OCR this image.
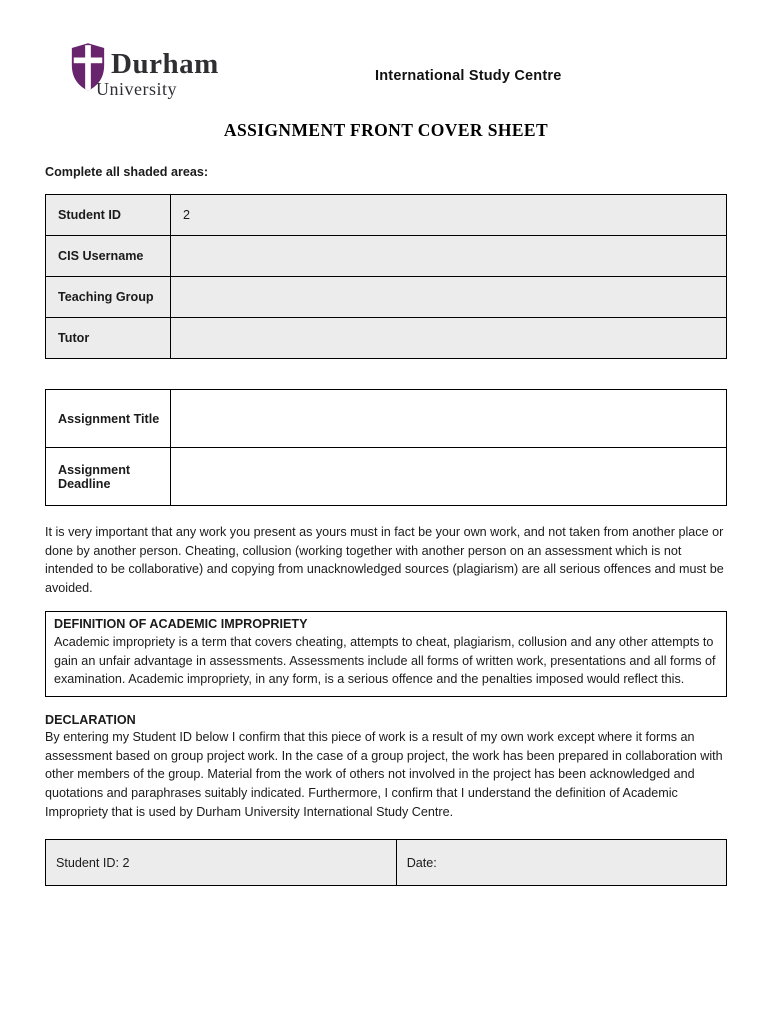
Durham
University
International Study Centre
ASSIGNMENT FRONT COVER SHEET
Complete all shaded areas:
Student ID	2
CIS Username	
Teaching Group	
Tutor	
Assignment Title	
Assignment Deadline	

It is very important that any work you present as yours must in fact be your own work, and not taken from another place or done by another person. Cheating, collusion (working together with another person on an assessment which is not intended to be collaborative) and copying from unacknowledged sources (plagiarism) are all serious offences and must be avoided.

DEFINITION OF ACADEMIC IMPROPRIETY
Academic impropriety is a term that covers cheating, attempts to cheat, plagiarism, collusion and any other attempts to gain an unfair advantage in assessments. Assessments include all forms of written work, presentations and all forms of examination. Academic impropriety, in any form, is a serious offence and the penalties imposed would reflect this.
DECLARATION

By entering my Student ID below I confirm that this piece of work is a result of my own work except where it forms an assessment based on group project work. In the case of a group project, the work has been prepared in collaboration with other members of the group. Material from the work of others not involved in the project has been acknowledged and quotations and paraphrases suitably indicated. Furthermore, I confirm that I understand the definition of Academic Impropriety that is used by Durham University International Study Centre.

Student ID: 2	Date:
